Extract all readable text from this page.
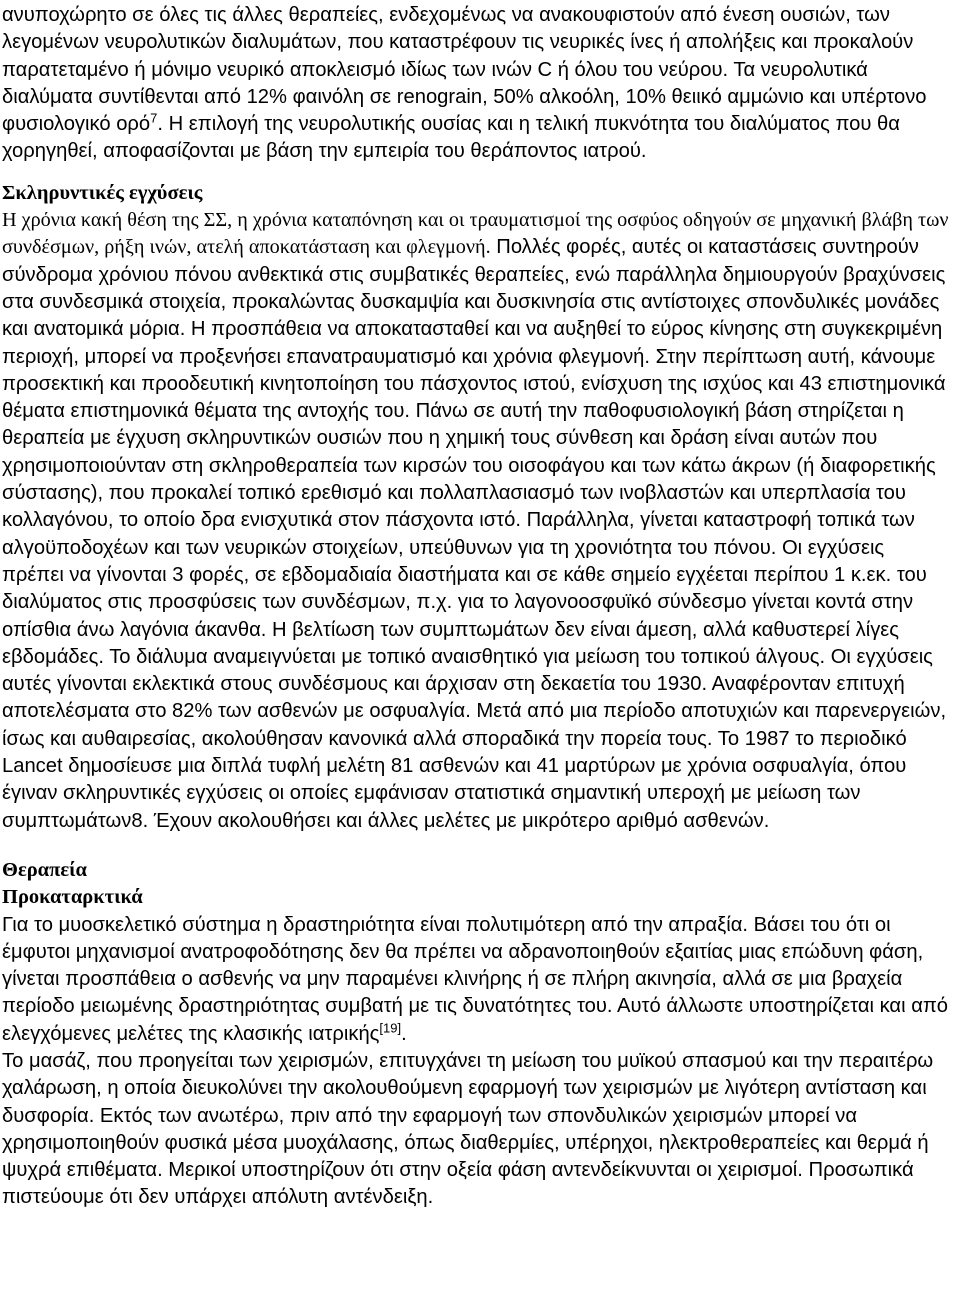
ανυποχώρητο σε όλες τις άλλες θεραπείες, ενδεχομένως να ανακουφιστούν από ένεση ουσιών, των λεγομένων νευρολυτικών διαλυμάτων, που καταστρέφουν τις νευρικές ίνες ή απολήξεις και προκαλούν παρατεταμένο ή μόνιμο νευρικό αποκλεισμό ιδίως των ινών C ή όλου του νεύρου. Τα νευρολυτικά διαλύματα συντίθενται από 12% φαινόλη σε renograin, 50% αλκοόλη, 10% θειικό αμμώνιο και υπέρτονο φυσιολογικό ορό$^7$. Η επιλογή της νευρολυτικής ουσίας και η τελική πυκνότητα του διαλύματος που θα χορηγηθεί, αποφασίζονται με βάση την εμπειρία του θεράποντος ιατρού.

Σκληρυντικές εγχύσεις

Η χρόνια κακή θέση της ΣΣ, η χρόνια καταπόνηση και οι τραυματισμοί της οσφύος οδηγούν σε μηχανική βλάβη των συνδέσμων, ρήξη ινών, ατελή αποκατάσταση και φλεγμονή. Πολλές φορές, αυτές οι καταστάσεις συντηρούν σύνδρομα χρόνιου πόνου ανθεκτικά στις συμβατικές θεραπείες, ενώ παράλληλα δημιουργούν βραχύνσεις στα συνδεσμικά στοιχεία, προκαλώντας δυσκαμψία και δυσκινησία στις αντίστοιχες σπονδυλικές μονάδες και ανατομικά μόρια. Η προσπάθεια να αποκατασταθεί και να αυξηθεί το εύρος κίνησης στη συγκεκριμένη περιοχή, μπορεί να προξενήσει επανατραυματισμό και χρόνια φλεγμονή. Στην περίπτωση αυτή, κάνουμε προσεκτική και προοδευτική κινητοποίηση του πάσχοντος ιστού, ενίσχυση της ισχύος και 43 επιστημονικά θέματα επιστημονικά θέματα της αντοχής του. Πάνω σε αυτή την παθοφυσιολογική βάση στηρίζεται η θεραπεία με έγχυση σκληρυντικών ουσιών που η χημική τους σύνθεση και δράση είναι αυτών που χρησιμοποιούνταν στη σκληροθεραπεία των κιρσών του οισοφάγου και των κάτω άκρων (ή διαφορετικής σύστασης), που προκαλεί τοπικό ερεθισμό και πολλαπλασιασμό των ινοβλαστών και υπερπλασία του κολλαγόνου, το οποίο δρα ενισχυτικά στον πάσχοντα ιστό. Παράλληλα, γίνεται καταστροφή τοπικά των αλγοϋποδοχέων και των νευρικών στοιχείων, υπεύθυνων για τη χρονιότητα του πόνου. Οι εγχύσεις πρέπει να γίνονται 3 φορές, σε εβδομαδιαία διαστήματα και σε κάθε σημείο εγχέεται περίπου 1 κ.εκ. του διαλύματος στις προσφύσεις των συνδέσμων, π.χ. για το λαγονοοσφυϊκό σύνδεσμο γίνεται κοντά στην οπίσθια άνω λαγόνια άκανθα. Η βελτίωση των συμπτωμάτων δεν είναι άμεση, αλλά καθυστερεί λίγες εβδομάδες. Το διάλυμα αναμειγνύεται με τοπικό αναισθητικό για μείωση του τοπικού άλγους. Οι εγχύσεις αυτές γίνονται εκλεκτικά στους συνδέσμους και άρχισαν στη δεκαετία του 1930. Αναφέρονταν επιτυχή αποτελέσματα στο 82% των ασθενών με οσφυαλγία. Μετά από μια περίοδο αποτυχιών και παρενεργειών, ίσως και αυθαιρεσίας, ακολούθησαν κανονικά αλλά σποραδικά την πορεία τους. Το 1987 το περιοδικό Lancet δημοσίευσε μια διπλά τυφλή μελέτη 81 ασθενών και 41 μαρτύρων με χρόνια οσφυαλγία, όπου έγιναν σκληρυντικές εγχύσεις οι οποίες εμφάνισαν στατιστικά σημαντική υπεροχή με μείωση των συμπτωμάτων8. Έχουν ακολουθήσει και άλλες μελέτες με μικρότερο αριθμό ασθενών.

Θεραπεία
Προκαταρκτικά

Για το μυοσκελετικό σύστημα η δραστηριότητα είναι πολυτιμότερη από την απραξία. Βάσει του ότι οι έμφυτοι μηχανισμοί ανατροφοδότησης δεν θα πρέπει να αδρανοποιηθούν εξαιτίας μιας επώδυνη φάση, γίνεται προσπάθεια ο ασθενής να μην παραμένει κλινήρης ή σε πλήρη ακινησία, αλλά σε μια βραχεία περίοδο μειωμένης δραστηριότητας συμβατή με τις δυνατότητες του. Αυτό άλλωστε υποστηρίζεται και από ελεγχόμενες μελέτες της κλασικής ιατρικής[19].

Το μασάζ, που προηγείται των χειρισμών, επιτυγχάνει τη μείωση του μυϊκού σπασμού και την περαιτέρω χαλάρωση, η οποία διευκολύνει την ακολουθούμενη εφαρμογή των χειρισμών με λιγότερη αντίσταση και δυσφορία. Εκτός των ανωτέρω, πριν από την εφαρμογή των σπονδυλικών χειρισμών μπορεί να χρησιμοποιηθούν φυσικά μέσα μυοχάλασης, όπως διαθερμίες, υπέρηχοι, ηλεκτροθεραπείες και θερμά ή ψυχρά επιθέματα. Μερικοί υποστηρίζουν ότι στην οξεία φάση αντενδείκνυνται οι χειρισμοί. Προσωπικά πιστεύουμε ότι δεν υπάρχει απόλυτη αντένδειξη.
